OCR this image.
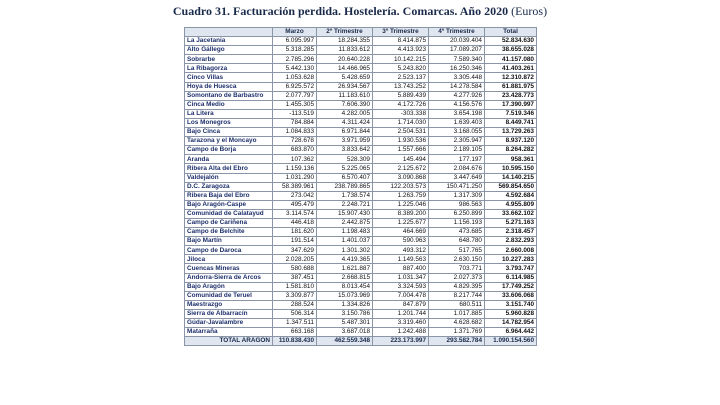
Cuadro 31. Facturación perdida. Hostelería. Comarcas. Año 2020 (Euros)
	Marzo	2º Trimestre	3º Trimestre	4º Trimestre	Total
La Jacetania	6.095.997	18.284.355	8.414.875	20.039.404	52.834.630
Alto Gállego	5.318.285	11.833.612	4.413.923	17.089.207	38.655.028
Sobrarbe	2.785.296	20.640.228	10.142.215	7.589.340	41.157.080
La Ribagorza	5.442.130	14.466.965	5.243.820	16.250.346	41.403.261
Cinco Villas	1.053.628	5.428.659	2.523.137	3.305.448	12.310.872
Hoya de Huesca	6.925.572	26.934.567	13.743.252	14.278.584	61.881.975
Somontano de Barbastro	2.077.797	11.183.610	5.889.439	4.277.926	23.428.773
Cinca Medio	1.455.305	7.606.390	4.172.726	4.156.576	17.390.997
La Litera	-113.519	4.282.005	-303.338	3.654.198	7.519.346
Los Monegros	784.884	4.311.424	1.714.030	1.639.403	8.449.741
Bajo Cinca	1.084.833	6.971.844	2.504.531	3.168.055	13.729.263
Tarazona y el Moncayo	728.678	3.971.959	1.930.536	2.305.947	8.937.120
Campo de Borja	683.870	3.833.642	1.557.666	2.189.105	8.264.282
Aranda	107.362	528.309	145.494	177.197	958.361
Ribera Alta del Ebro	1.159.136	5.225.065	2.125.672	2.084.676	10.595.150
Valdejalón	1.031.290	6.570.407	3.090.868	3.447.649	14.140.215
D.C. Zaragoza	58.389.961	238.789.865	122.203.573	150.471.250	569.854.650
Ribera Baja del Ebro	273.042	1.738.574	1.263.759	1.317.309	4.592.684
Bajo Aragón-Caspe	495.479	2.248.721	1.225.046	986.563	4.955.809
Comunidad de Calatayud	3.114.574	15.907.430	8.389.200	6.250.899	33.662.102
Campo de Cariñena	446.418	2.442.875	1.225.677	1.156.193	5.271.163
Campo de Belchite	181.620	1.198.483	464.669	473.685	2.318.457
Bajo Martín	191.514	1.401.037	590.963	648.780	2.832.293
Campo de Daroca	347.629	1.301.302	493.312	517.765	2.660.008
Jiloca	2.028.205	4.419.365	1.149.563	2.630.150	10.227.283
Cuencas Mineras	580.688	1.621.887	887.400	703.771	3.793.747
Andorra-Sierra de Arcos	387.451	2.668.815	1.031.347	2.027.373	6.114.985
Bajo Aragón	1.581.810	8.013.454	3.324.593	4.829.395	17.749.252
Comunidad de Teruel	3.309.877	15.073.969	7.004.478	8.217.744	33.606.068
Maestrazgo	288.524	1.334.826	847.879	680.511	3.151.740
Sierra de Albarracín	506.314	3.150.786	1.201.744	1.017.885	5.960.828
Gúdar-Javalambre	1.347.511	5.487.301	3.319.460	4.628.682	14.782.954
Matarraña	663.168	3.687.018	1.242.488	1.371.769	6.964.442
TOTAL ARAGÓN	110.838.430	462.559.348	223.173.997	293.582.784	1.090.154.560
